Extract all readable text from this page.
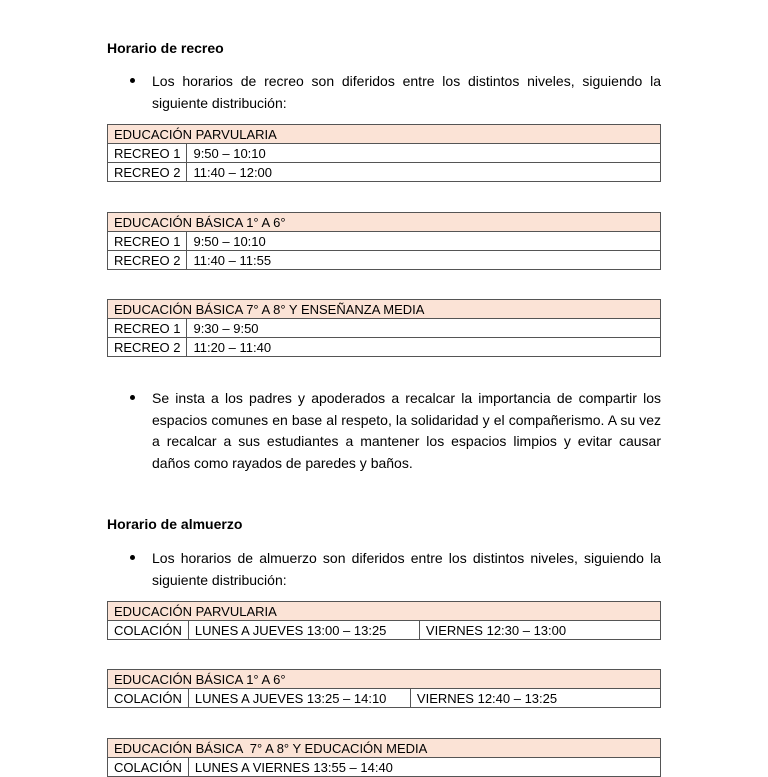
Horario de recreo
Los horarios de recreo son diferidos entre los distintos niveles, siguiendo la siguiente distribución:
EDUCACIÓN PARVULARIA	
RECREO 1	9:50 – 10:10
RECREO 2	11:40 – 12:00
EDUCACIÓN BÁSICA 1° A 6°	
RECREO 1	9:50 – 10:10
RECREO 2	11:40 – 11:55
EDUCACIÓN BÁSICA 7° A 8° Y ENSEÑANZA MEDIA	
RECREO 1	9:30 – 9:50
RECREO 2	11:20 – 11:40
Se insta a los padres y apoderados a recalcar la importancia de compartir los espacios comunes en base al respeto, la solidaridad y el compañerismo. A su vez a recalcar a sus estudiantes a mantener los espacios limpios y evitar causar daños como rayados de paredes y baños.
Horario de almuerzo
Los horarios de almuerzo son diferidos entre los distintos niveles, siguiendo la siguiente distribución:
EDUCACIÓN PARVULARIA
COLACIÓN	LUNES A JUEVES 13:00 – 13:25	VIERNES 12:30 – 13:00
EDUCACIÓN BÁSICA 1° A 6°
COLACIÓN	LUNES A JUEVES 13:25 – 14:10	VIERNES 12:40 – 13:25
EDUCACIÓN BÁSICA  7° A 8° Y EDUCACIÓN MEDIA
COLACIÓN	LUNES A VIERNES 13:55 – 14:40
